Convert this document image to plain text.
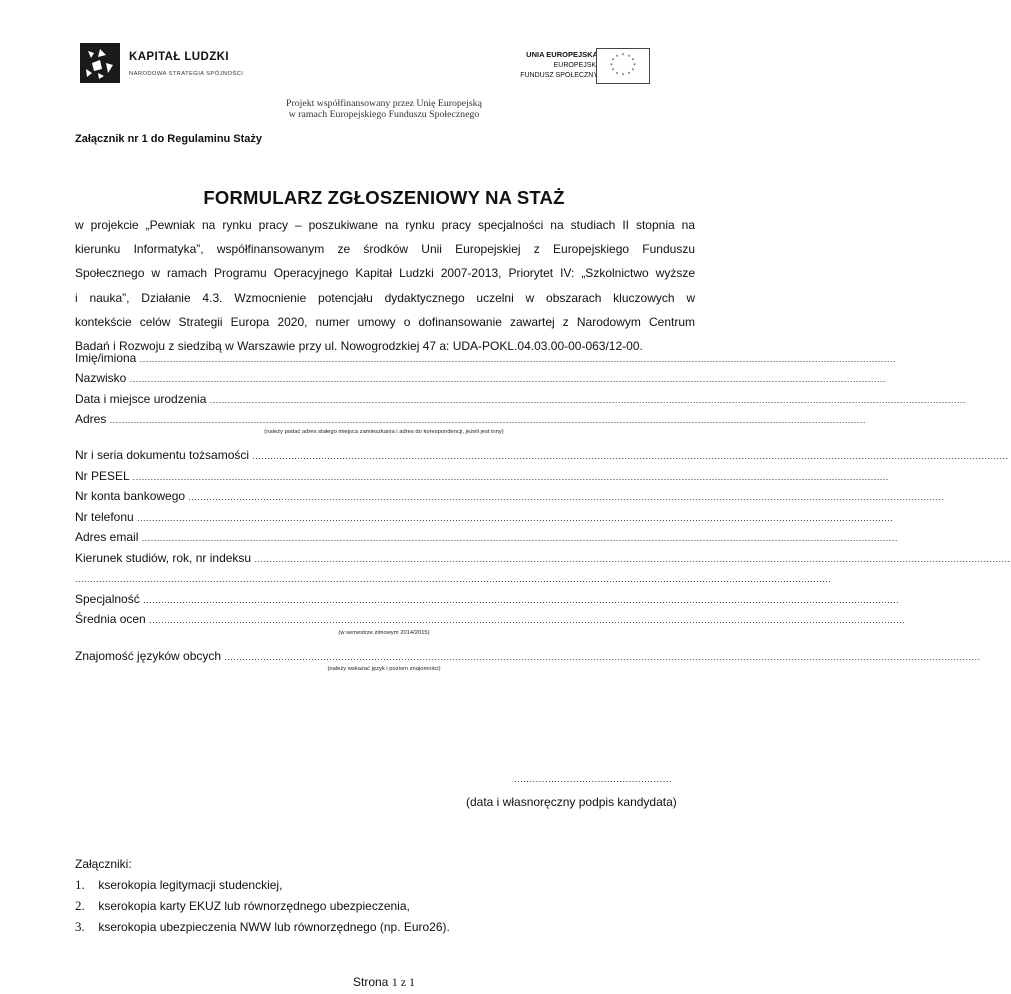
KAPITAŁ LUDZKI
NARODOWA STRATEGIA SPÓJNOŚCI
UNIA EUROPEJSKA
EUROPEJSKI
FUNDUSZ SPOŁECZNY
* *
*
*
*
*
*
*
*
*
*
*
Projekt współfinansowany przez Unię Europejską
w ramach Europejskiego Funduszu Społecznego
Załącznik nr 1 do Regulaminu Staży
FORMULARZ ZGŁOSZENIOWY NA STAŻ
w projekcie „Pewniak na rynku pracy – poszukiwane na rynku pracy specjalności na studiach II stopnia na
kierunku Informatyka”, współfinansowanym ze środków Unii Europejskiej z Europejskiego Funduszu
Społecznego w ramach Programu Operacyjnego Kapitał Ludzki 2007-2013, Priorytet IV: „Szkolnictwo wyższe
i nauka”, Działanie 4.3. Wzmocnienie potencjału dydaktycznego uczelni w obszarach kluczowych w
kontekście celów Strategii Europa 2020, numer umowy o dofinansowanie zawartej z Narodowym Centrum
Badań i Rozwoju z siedzibą w Warszawie przy ul. Nowogrodzkiej 47 a: UDA-POKL.04.03.00-00-063/12-00.
Imię/imiona ............................................................................................................................................................................................................................................................
Nazwisko ............................................................................................................................................................................................................................................................
Data i miejsce urodzenia ............................................................................................................................................................................................................................................................
Adres ............................................................................................................................................................................................................................................................
(należy podać adres stałego miejsca zamieszkania i adres do korespondencji, jeżeli jest inny)
Nr i seria dokumentu tożsamości ............................................................................................................................................................................................................................................................
Nr PESEL ............................................................................................................................................................................................................................................................
Nr konta bankowego ............................................................................................................................................................................................................................................................
Nr telefonu ............................................................................................................................................................................................................................................................
Adres email ............................................................................................................................................................................................................................................................
Kierunek studiów, rok, nr indeksu ............................................................................................................................................................................................................................................................
............................................................................................................................................................................................................................................................
Specjalność ............................................................................................................................................................................................................................................................
Średnia ocen ............................................................................................................................................................................................................................................................
(w semestrze zimowym 2014/2015)
Znajomość języków obcych ............................................................................................................................................................................................................................................................
(należy wskazać język i poziom znajomości)
...................................................
(data i własnoręczny podpis kandydata)
Załączniki:
1. kserokopia legitymacji studenckiej,
2. kserokopia karty EKUZ lub równorzędnego ubezpieczenia,
3. kserokopia ubezpieczenia NWW lub równorzędnego (np. Euro26).
Strona 1 z 1
